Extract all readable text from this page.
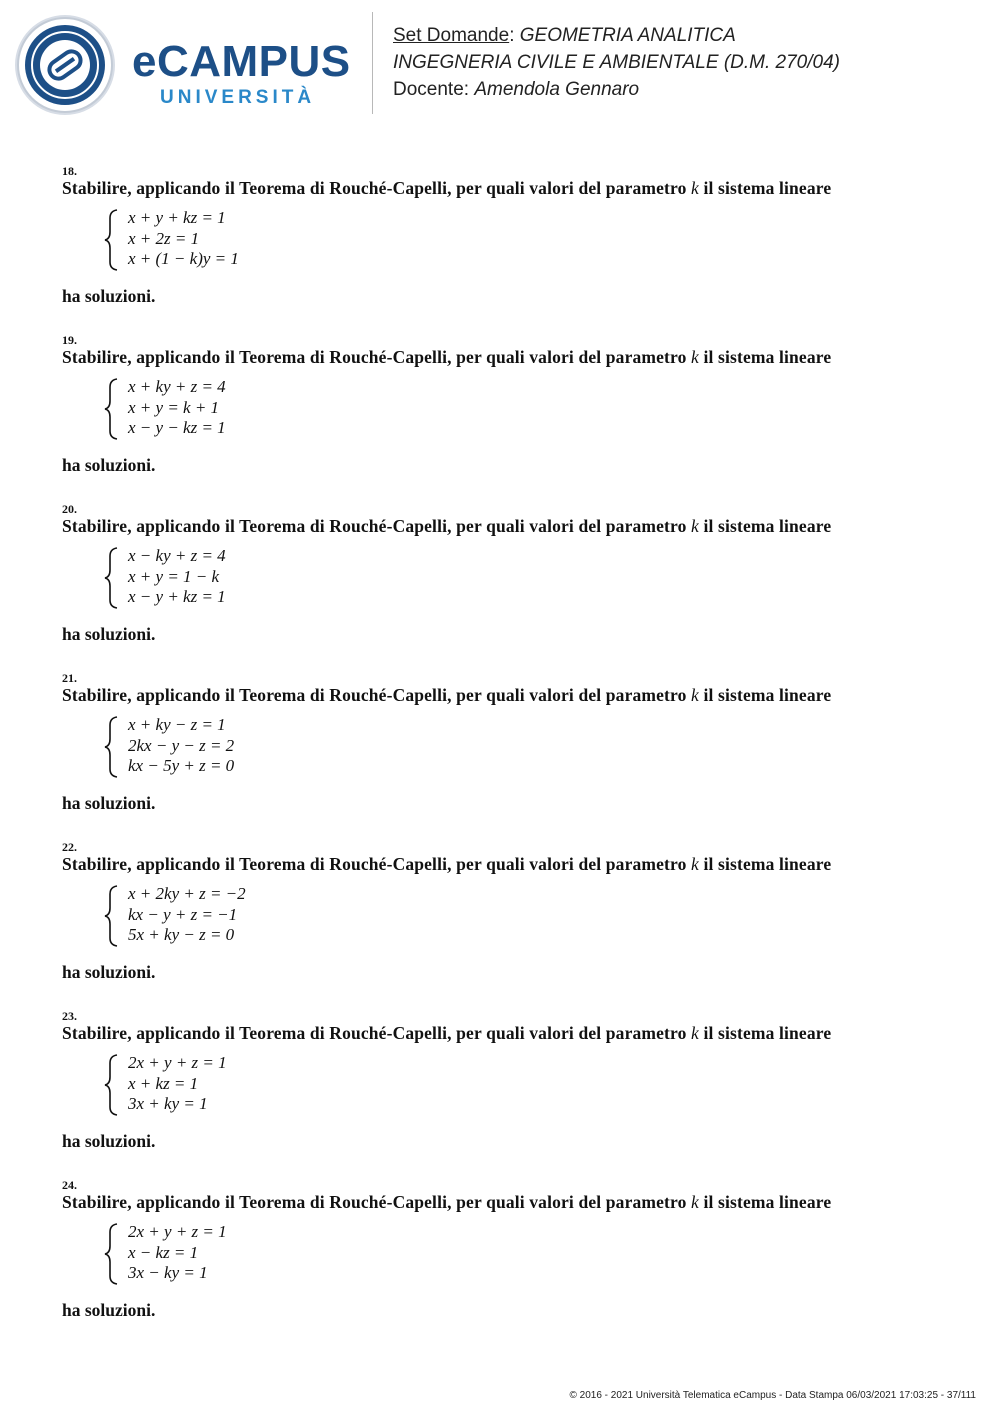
eCAMPUS
UNIVERSITÀ
Set Domande: GEOMETRIA ANALITICA
INGEGNERIA CIVILE E AMBIENTALE (D.M. 270/04)
Docente: Amendola Gennaro
18.
Stabilire, applicando il Teorema di Rouché-Capelli, per quali valori del parametro k il sistema lineare
x + y + kz = 1
x + 2z = 1
x + (1 − k)y = 1
ha soluzioni.
19.
Stabilire, applicando il Teorema di Rouché-Capelli, per quali valori del parametro k il sistema lineare
x + ky + z = 4
x + y = k + 1
x − y − kz = 1
ha soluzioni.
20.
Stabilire, applicando il Teorema di Rouché-Capelli, per quali valori del parametro k il sistema lineare
x − ky + z = 4
x + y = 1 − k
x − y + kz = 1
ha soluzioni.
21.
Stabilire, applicando il Teorema di Rouché-Capelli, per quali valori del parametro k il sistema lineare
x + ky − z = 1
2kx − y − z = 2
kx − 5y + z = 0
ha soluzioni.
22.
Stabilire, applicando il Teorema di Rouché-Capelli, per quali valori del parametro k il sistema lineare
x + 2ky + z = −2
kx − y + z = −1
5x + ky − z = 0
ha soluzioni.
23.
Stabilire, applicando il Teorema di Rouché-Capelli, per quali valori del parametro k il sistema lineare
2x + y + z = 1
x + kz = 1
3x + ky = 1
ha soluzioni.
24.
Stabilire, applicando il Teorema di Rouché-Capelli, per quali valori del parametro k il sistema lineare
2x + y + z = 1
x − kz = 1
3x − ky = 1
ha soluzioni.
© 2016 - 2021 Università Telematica eCampus - Data Stampa 06/03/2021 17:03:25 - 37/111
